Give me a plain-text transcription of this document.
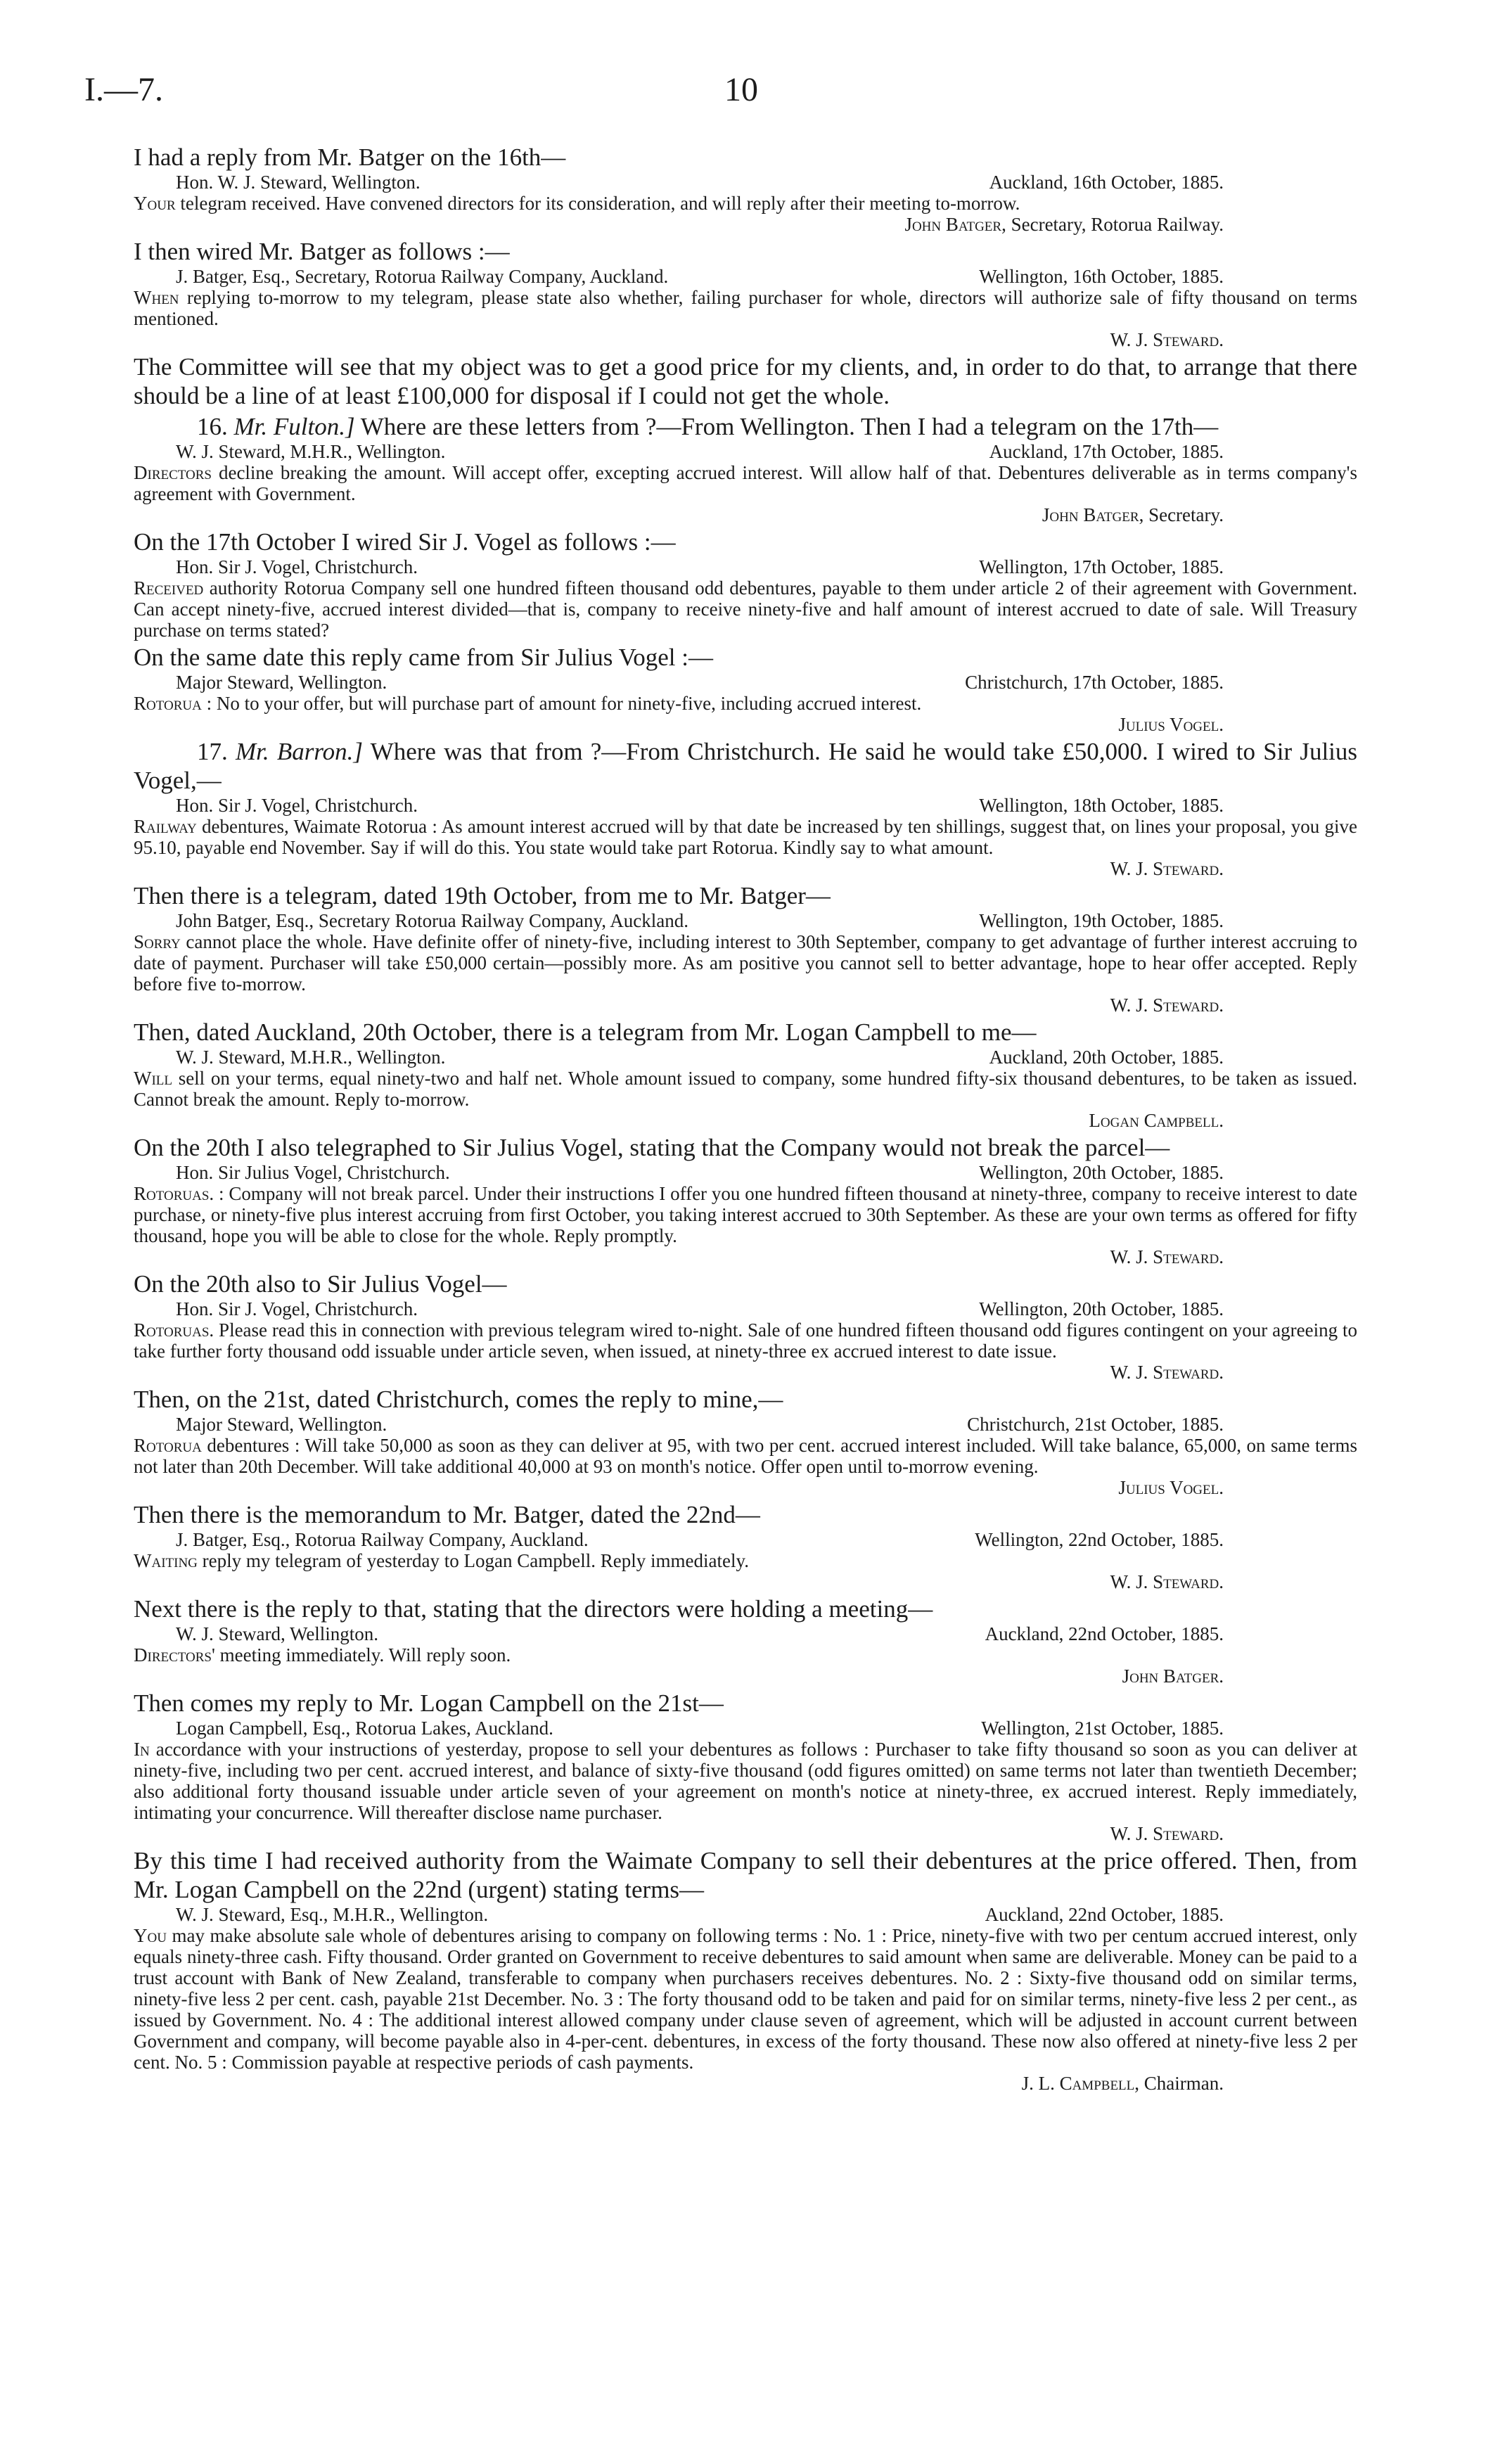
I.—7.	10
I had a reply from Mr. Batger on the 16th—
Hon. W. J. Steward, Wellington.	Auckland, 16th October, 1885.
Your telegram received. Have convened directors for its consideration, and will reply after their meeting to-morrow.
John Batger, Secretary, Rotorua Railway.
I then wired Mr. Batger as follows :—
J. Batger, Esq., Secretary, Rotorua Railway Company, Auckland.	Wellington, 16th October, 1885.
When replying to-morrow to my telegram, please state also whether, failing purchaser for whole, directors will authorize sale of fifty thousand on terms mentioned.
W. J. Steward.
The Committee will see that my object was to get a good price for my clients, and, in order to do that, to arrange that there should be a line of at least £100,000 for disposal if I could not get the whole.
16. Mr. Fulton.] Where are these letters from ?—From Wellington. Then I had a telegram on the 17th—
W. J. Steward, M.H.R., Wellington.	Auckland, 17th October, 1885.
Directors decline breaking the amount. Will accept offer, excepting accrued interest. Will allow half of that. Debentures deliverable as in terms company's agreement with Government.
John Batger, Secretary.
On the 17th October I wired Sir J. Vogel as follows :—
Hon. Sir J. Vogel, Christchurch.	Wellington, 17th October, 1885.
Received authority Rotorua Company sell one hundred fifteen thousand odd debentures, payable to them under article 2 of their agreement with Government. Can accept ninety-five, accrued interest divided—that is, company to receive ninety-five and half amount of interest accrued to date of sale. Will Treasury purchase on terms stated?
On the same date this reply came from Sir Julius Vogel :—
Major Steward, Wellington.	Christchurch, 17th October, 1885.
Rotorua : No to your offer, but will purchase part of amount for ninety-five, including accrued interest.
Julius Vogel.
17. Mr. Barron.] Where was that from ?—From Christchurch. He said he would take £50,000. I wired to Sir Julius Vogel,—
Hon. Sir J. Vogel, Christchurch.	Wellington, 18th October, 1885.
Railway debentures, Waimate Rotorua : As amount interest accrued will by that date be increased by ten shillings, suggest that, on lines your proposal, you give 95.10, payable end November. Say if will do this. You state would take part Rotorua. Kindly say to what amount.
W. J. Steward.
Then there is a telegram, dated 19th October, from me to Mr. Batger—
John Batger, Esq., Secretary Rotorua Railway Company, Auckland.	Wellington, 19th October, 1885.
Sorry cannot place the whole. Have definite offer of ninety-five, including interest to 30th September, company to get advantage of further interest accruing to date of payment. Purchaser will take £50,000 certain—possibly more. As am positive you cannot sell to better advantage, hope to hear offer accepted. Reply before five to-morrow.
W. J. Steward.
Then, dated Auckland, 20th October, there is a telegram from Mr. Logan Campbell to me—
W. J. Steward, M.H.R., Wellington.	Auckland, 20th October, 1885.
Will sell on your terms, equal ninety-two and half net. Whole amount issued to company, some hundred fifty-six thousand debentures, to be taken as issued. Cannot break the amount. Reply to-morrow.
Logan Campbell.
On the 20th I also telegraphed to Sir Julius Vogel, stating that the Company would not break the parcel—
Hon. Sir Julius Vogel, Christchurch.	Wellington, 20th October, 1885.
Rotoruas. : Company will not break parcel. Under their instructions I offer you one hundred fifteen thousand at ninety-three, company to receive interest to date purchase, or ninety-five plus interest accruing from first October, you taking interest accrued to 30th September. As these are your own terms as offered for fifty thousand, hope you will be able to close for the whole. Reply promptly.
W. J. Steward.
On the 20th also to Sir Julius Vogel—
Hon. Sir J. Vogel, Christchurch.	Wellington, 20th October, 1885.
Rotoruas. Please read this in connection with previous telegram wired to-night. Sale of one hundred fifteen thousand odd figures contingent on your agreeing to take further forty thousand odd issuable under article seven, when issued, at ninety-three ex accrued interest to date issue.
W. J. Steward.
Then, on the 21st, dated Christchurch, comes the reply to mine,—
Major Steward, Wellington.	Christchurch, 21st October, 1885.
Rotorua debentures : Will take 50,000 as soon as they can deliver at 95, with two per cent. accrued interest included. Will take balance, 65,000, on same terms not later than 20th December. Will take additional 40,000 at 93 on month's notice. Offer open until to-morrow evening.
Julius Vogel.
Then there is the memorandum to Mr. Batger, dated the 22nd—
J. Batger, Esq., Rotorua Railway Company, Auckland.	Wellington, 22nd October, 1885.
Waiting reply my telegram of yesterday to Logan Campbell. Reply immediately.
W. J. Steward.
Next there is the reply to that, stating that the directors were holding a meeting—
W. J. Steward, Wellington.	Auckland, 22nd October, 1885.
Directors' meeting immediately. Will reply soon.
John Batger.
Then comes my reply to Mr. Logan Campbell on the 21st—
Logan Campbell, Esq., Rotorua Lakes, Auckland.	Wellington, 21st October, 1885.
In accordance with your instructions of yesterday, propose to sell your debentures as follows : Purchaser to take fifty thousand so soon as you can deliver at ninety-five, including two per cent. accrued interest, and balance of sixty-five thousand (odd figures omitted) on same terms not later than twentieth December; also additional forty thousand issuable under article seven of your agreement on month's notice at ninety-three, ex accrued interest. Reply immediately, intimating your concurrence. Will thereafter disclose name purchaser.
W. J. Steward.
By this time I had received authority from the Waimate Company to sell their debentures at the price offered. Then, from Mr. Logan Campbell on the 22nd (urgent) stating terms—
W. J. Steward, Esq., M.H.R., Wellington.	Auckland, 22nd October, 1885.
You may make absolute sale whole of debentures arising to company on following terms : No. 1 : Price, ninety-five with two per centum accrued interest, only equals ninety-three cash. Fifty thousand. Order granted on Government to receive debentures to said amount when same are deliverable. Money can be paid to a trust account with Bank of New Zealand, transferable to company when purchasers receives debentures. No. 2 : Sixty-five thousand odd on similar terms, ninety-five less 2 per cent. cash, payable 21st December. No. 3 : The forty thousand odd to be taken and paid for on similar terms, ninety-five less 2 per cent., as issued by Government. No. 4 : The additional interest allowed company under clause seven of agreement, which will be adjusted in account current between Government and company, will become payable also in 4-per-cent. debentures, in excess of the forty thousand. These now also offered at ninety-five less 2 per cent. No. 5 : Commission payable at respective periods of cash payments.
J. L. Campbell, Chairman.
